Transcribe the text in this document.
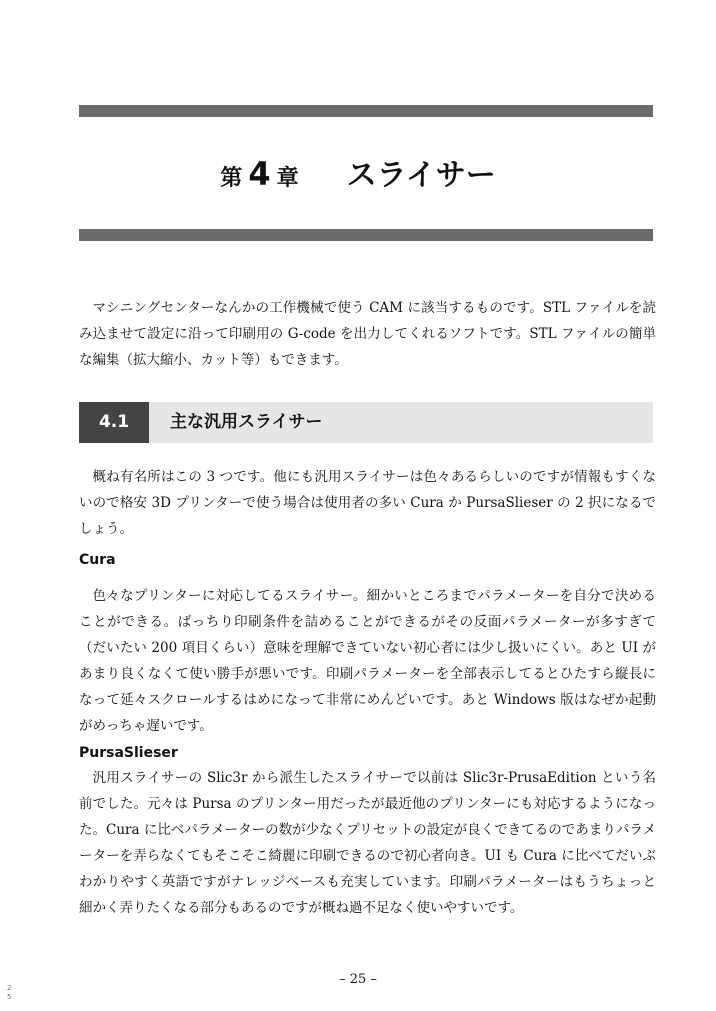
第 4 章 スライサー

マシニングセンターなんかの工作機械で使う CAM に該当するものです。STL ファイルを読み込ませて設定に沿って印刷用の G-code を出力してくれるソフトです。STL ファイルの簡単な編集（拡大縮小、カット等）もできます。

4.1	主な汎用スライサー

概ね有名所はこの 3 つです。他にも汎用スライサーは色々あるらしいのですが情報もすくないので格安 3D プリンターで使う場合は使用者の多い Cura か PursaSlieser の 2 択になるでしょう。

Cura

色々なプリンターに対応してるスライサー。細かいところまでパラメーターを自分で決めることができる。ばっちり印刷条件を詰めることができるがその反面パラメーターが多すぎて（だいたい 200 項目くらい）意味を理解できていない初心者には少し扱いにくい。あと UI があまり良くなくて使い勝手が悪いです。印刷パラメーターを全部表示してるとひたすら縦長になって延々スクロールするはめになって非常にめんどいです。あと Windows 版はなぜか起動がめっちゃ遅いです。

PursaSlieser

汎用スライサーの Slic3r から派生したスライサーで以前は Slic3r-PrusaEdition という名前でした。元々は Pursa のプリンター用だったが最近他のプリンターにも対応するようになった。Cura に比べパラメーターの数が少なくプリセットの設定が良くできてるのであまりパラメーターを弄らなくてもそこそこ綺麗に印刷できるので初心者向き。UI も Cura に比べてだいぶわかりやすく英語ですがナレッジベースも充実しています。印刷パラメーターはもうちょっと細かく弄りたくなる部分もあるのですが概ね過不足なく使いやすいです。

– 25 –
25
